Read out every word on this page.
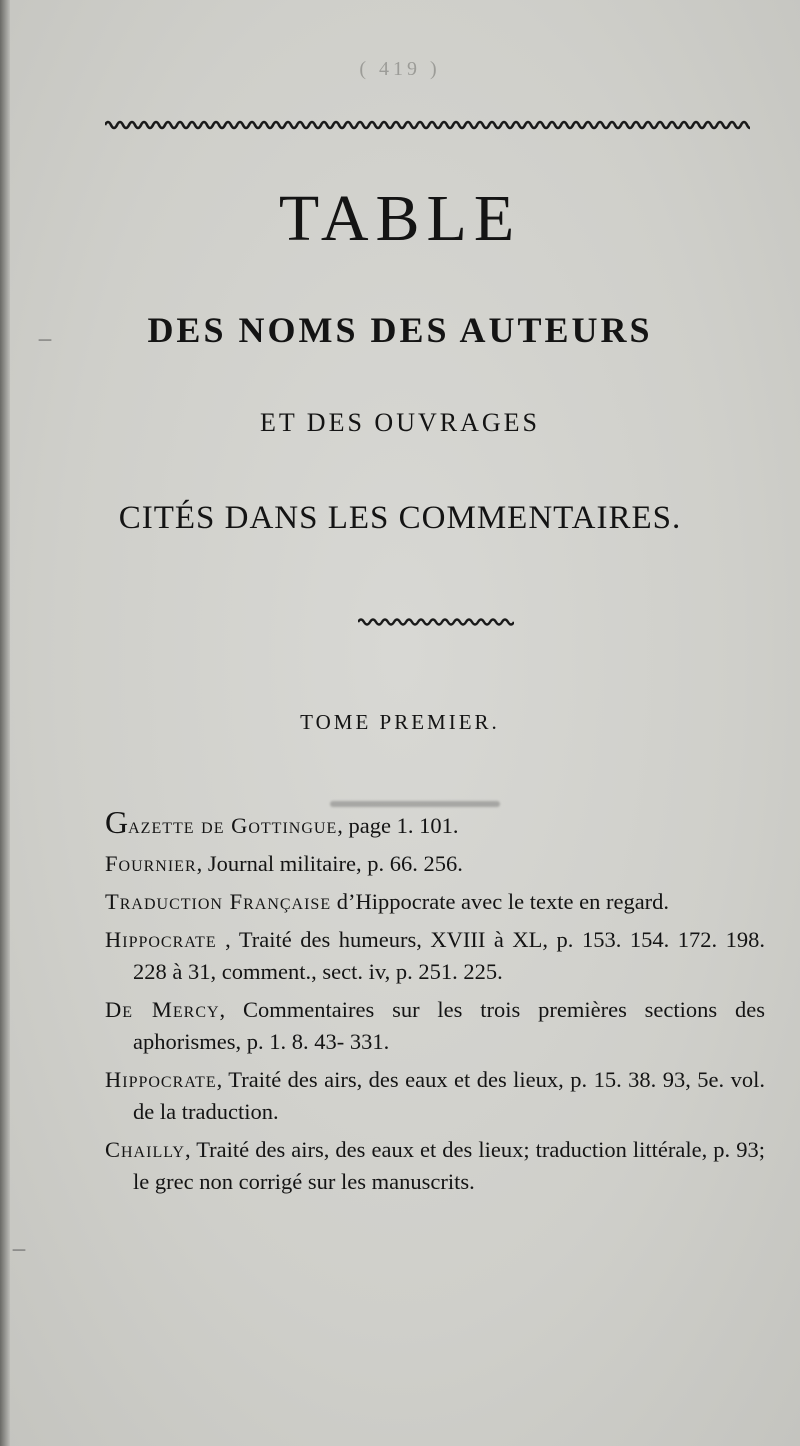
( 419 )
TABLE
DES NOMS DES AUTEURS
ET DES OUVRAGES
CITÉS DANS LES COMMENTAIRES.
TOME PREMIER.

Gazette de Gottingue, page 1. 101.

Fournier, Journal militaire, p. 66. 256.

Traduction Française d’Hippocrate avec le texte en regard.

Hippocrate , Traité des humeurs, XVIII à XL, p. 153. 154. 172. 198. 228 à 31, comment., sect. iv, p. 251. 225.

De Mercy, Commentaires sur les trois premières sections des aphorismes, p. 1. 8. 43- 331.

Hippocrate, Traité des airs, des eaux et des lieux, p. 15. 38. 93, 5e. vol. de la traduction.

Chailly, Traité des airs, des eaux et des lieux; traduction littérale, p. 93; le grec non corrigé sur les manuscrits.

—
—
